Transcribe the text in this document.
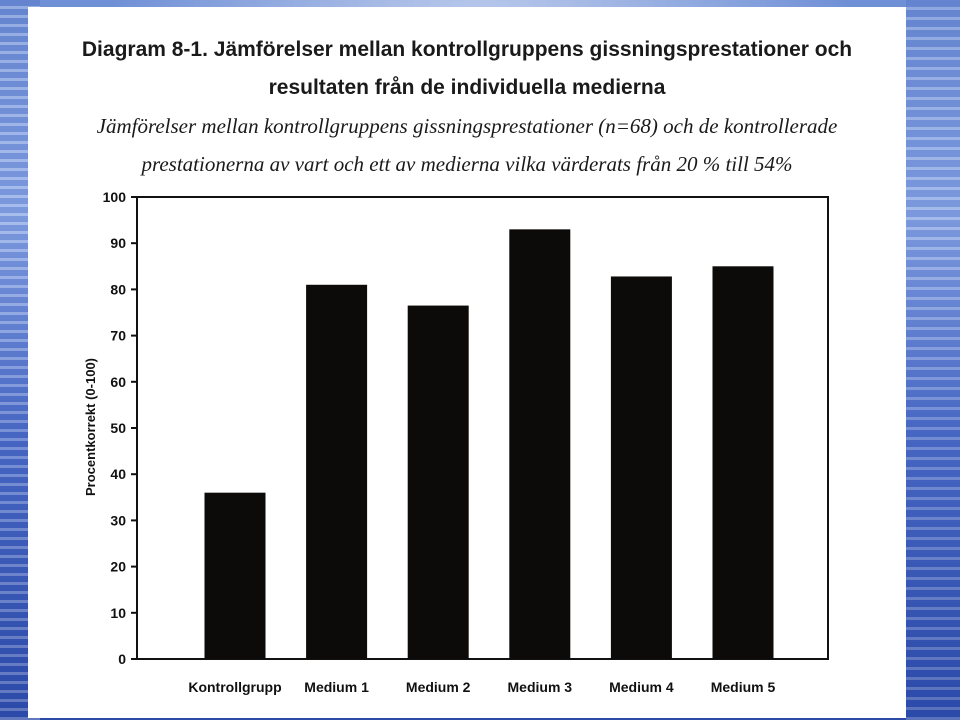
Diagram 8-1. Jämförelser mellan kontrollgruppens gissningsprestationer och
resultaten från de individuella medierna
Jämförelser mellan kontrollgruppens gissningsprestationer (n=68) och de kontrollerade
prestationerna av vart och ett av medierna vilka värderats från 20 % till 54%
Procentkorrekt (0-100)
0
10
20
30
40
50
60
70
80
90
100
Kontrollgrupp Medium 1	Medium 2	Medium 3	Medium 4	Medium 5
